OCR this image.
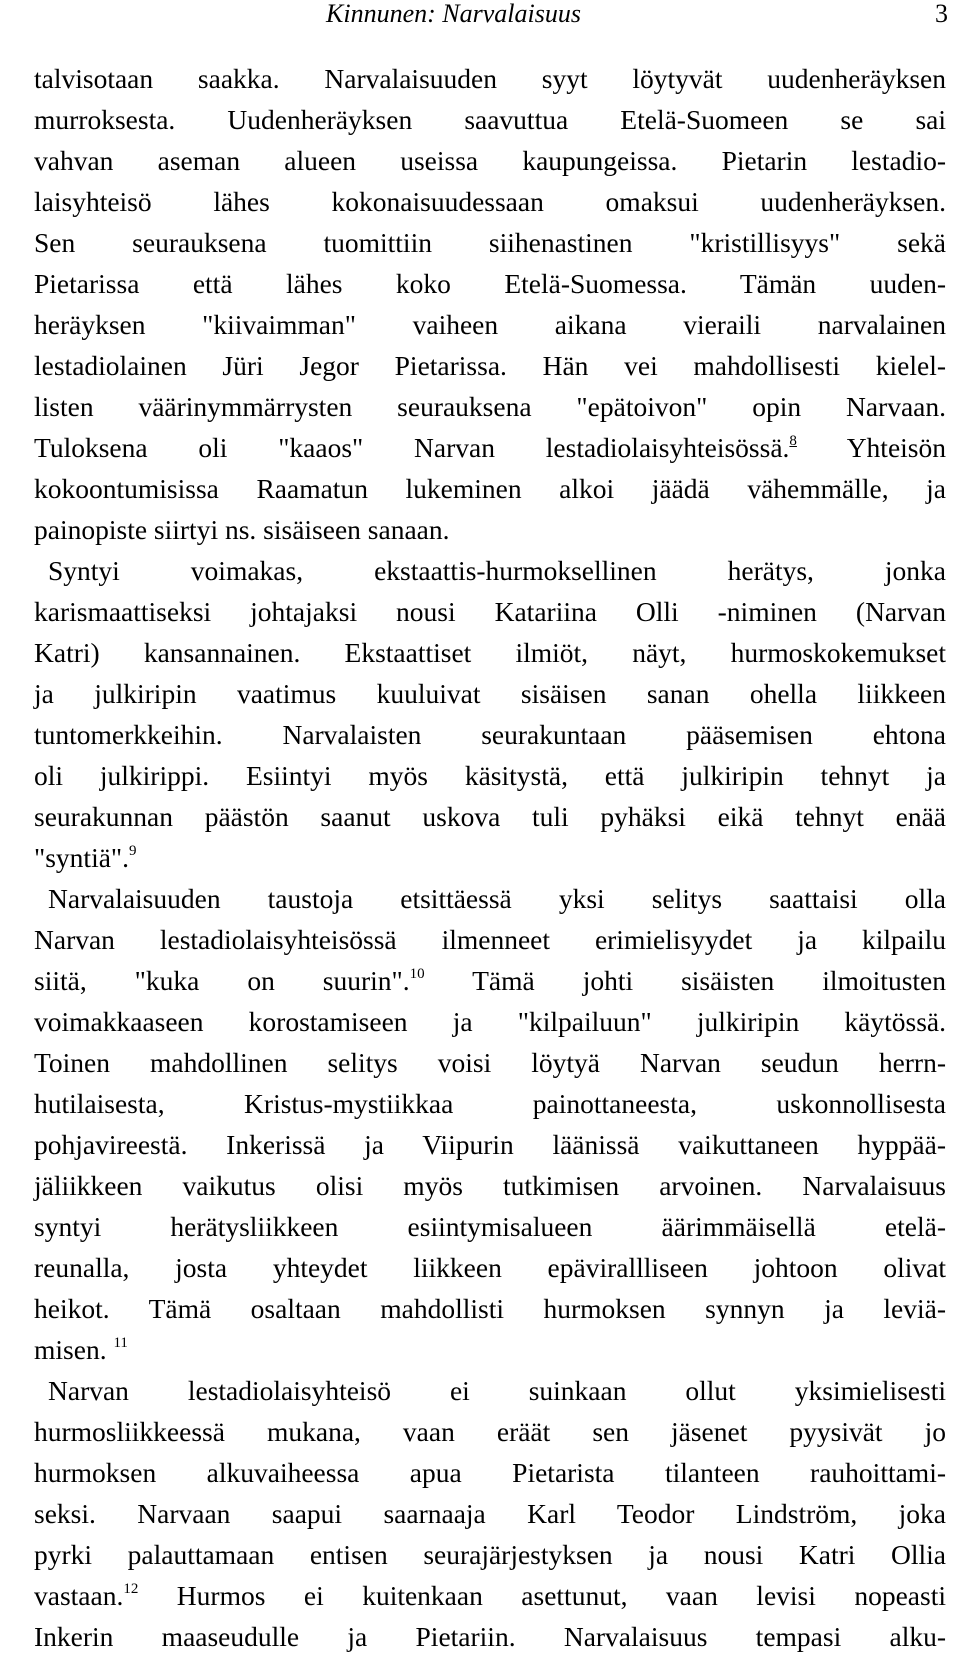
Kinnunen: Narvalaisuus	3
talvisotaan saakka. Narvalaisuuden syyt löytyvät uudenheräyksen
murroksesta. Uudenheräyksen saavuttua Etelä-Suomeen se sai
vahvan aseman alueen useissa kaupungeissa. Pietarin lestadio-
laisyhteisö lähes kokonaisuudessaan omaksui uudenheräyksen.
Sen seurauksena tuomittiin siihenastinen "kristillisyys" sekä
Pietarissa että lähes koko Etelä-Suomessa. Tämän uuden-
heräyksen "kiivaimman" vaiheen aikana vieraili narvalainen
lestadiolainen Jüri Jegor Pietarissa. Hän vei mahdollisesti kielel-
listen väärinymmärrysten seurauksena "epätoivon" opin Narvaan.
Tuloksena oli "kaaos" Narvan lestadiolaisyhteisössä.$^8$ Yhteisön
kokoontumisissa Raamatun lukeminen alkoi jäädä vähemmälle, ja
painopiste siirtyi ns. sisäiseen sanaan.
Syntyi voimakas, ekstaattis-hurmoksellinen herätys, jonka
karismaattiseksi johtajaksi nousi Katariina Olli -niminen (Narvan
Katri) kansannainen. Ekstaattiset ilmiöt, näyt, hurmoskokemukset
ja julkiripin vaatimus kuuluivat sisäisen sanan ohella liikkeen
tuntomerkkeihin. Narvalaisten seurakuntaan pääsemisen ehtona
oli julkirippi. Esiintyi myös käsitystä, että julkiripin tehnyt ja
seurakunnan päästön saanut uskova tuli pyhäksi eikä tehnyt enää
"syntiä".$^9$
Narvalaisuuden taustoja etsittäessä yksi selitys saattaisi olla
Narvan lestadiolaisyhteisössä ilmenneet erimielisyydet ja kilpailu
siitä, "kuka on suurin".$^{10}$ Tämä johti sisäisten ilmoitusten
voimakkaaseen korostamiseen ja "kilpailuun" julkiripin käytössä.
Toinen mahdollinen selitys voisi löytyä Narvan seudun herrn-
hutilaisesta, Kristus-mystiikkaa painottaneesta, uskonnollisesta
pohjavireestä. Inkerissä ja Viipurin läänissä vaikuttaneen hyppää-
jäliikkeen vaikutus olisi myös tutkimisen arvoinen. Narvalaisuus
syntyi herätysliikkeen esiintymisalueen äärimmäisellä etelä-
reunalla, josta yhteydet liikkeen epävirallliseen johtoon olivat
heikot. Tämä osaltaan mahdollisti hurmoksen synnyn ja leviä-
misen. $^{11}$
Narvan lestadiolaisyhteisö ei suinkaan ollut yksimielisesti
hurmosliikkeessä mukana, vaan eräät sen jäsenet pyysivät jo
hurmoksen alkuvaiheessa apua Pietarista tilanteen rauhoittami-
seksi. Narvaan saapui saarnaaja Karl Teodor Lindström, joka
pyrki palauttamaan entisen seurajärjestyksen ja nousi Katri Ollia
vastaan.$^{12}$ Hurmos ei kuitenkaan asettunut, vaan levisi nopeasti
Inkerin maaseudulle ja Pietariin. Narvalaisuus tempasi alku-
